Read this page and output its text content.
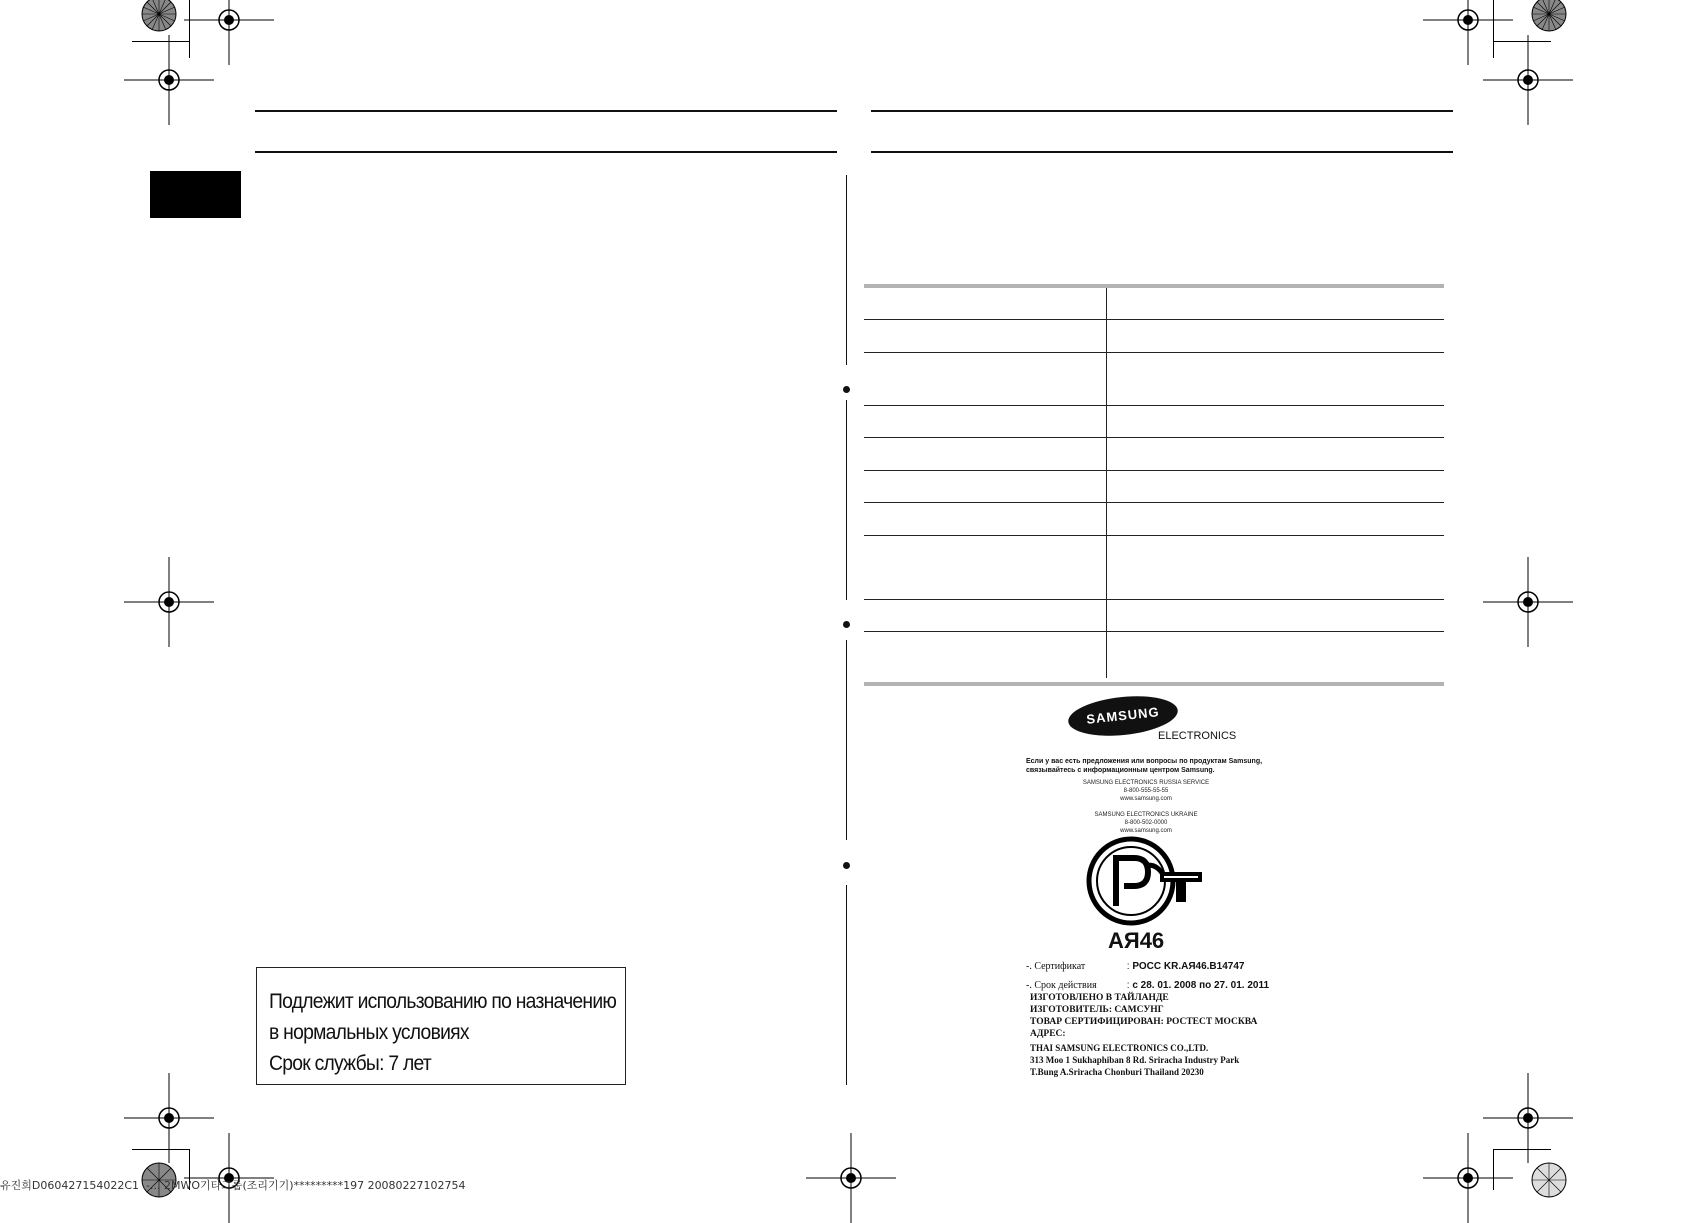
Подлежит использованию по назначению
в нормальных условиях
Срок службы: 7 лет
SAMSUNG
ELECTRONICS
Если у вас есть предложения или вопросы по продуктам Samsung,
связывайтесь с информационным центром Samsung.
SAMSUNG ELECTRONICS RUSSIA SERVICE
8-800-555-55-55
www.samsung.com
SAMSUNG ELECTRONICS UKRAINE
8-800-502-0000
www.samsung.com
АЯ46
-. Сертификат	: РОСС KR.АЯ46.B14747
-. Срок действия	: с 28. 01. 2008 по 27. 01. 2011
ИЗГОТОВЛЕНО В ТАЙЛАНДЕ
ИЗГОТОВИТЕЛЬ: САМСУНГ
ТОВАР СЕРТИФИЦИРОВАН: РОСТЕСТ МОСКВА
АДРЕС:
THAI SAMSUNG ELECTRONICS CO.,LTD.
313 Moo 1 Sukhaphiban 8 Rd. Sriracha Industry Park
T.Bung A.Sriracha Chonburi Thailand 20230
유진희D060427154022C1 .-... 2MWO기타그룹(조리기기)*********197 20080227102754
